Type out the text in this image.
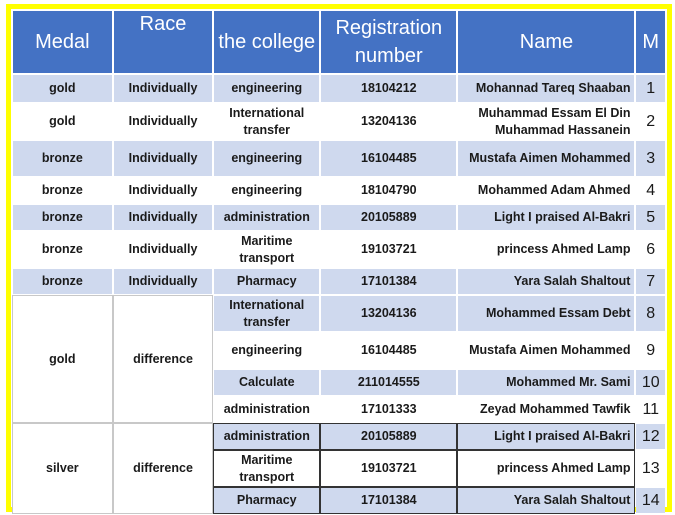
Medal	Race	the college	Registration number	Name	M
gold	Individually	engineering	18104212	Mohannad Tareq Shaaban	1
gold	Individually	International transfer	13204136	Muhammad Essam El Din Muhammad Hassanein	2
bronze	Individually	engineering	16104485	Mustafa Aimen Mohammed	3
bronze	Individually	engineering	18104790	Mohammed Adam Ahmed	4
bronze	Individually	administration	20105889	Light I praised Al-Bakri	5
bronze	Individually	Maritime transport	19103721	princess Ahmed Lamp	6
bronze	Individually	Pharmacy	17101384	Yara Salah Shaltout	7
gold	difference	International transfer	13204136	Mohammed Essam Debt	8
		engineering	16104485	Mustafa Aimen Mohammed	9
		Calculate	211014555	Mohammed Mr. Sami	10
		administration	17101333	Zeyad Mohammed Tawfik	11
silver	difference	administration	20105889	Light I praised Al-Bakri	12
		Maritime transport	19103721	princess Ahmed Lamp	13
		Pharmacy	17101384	Yara Salah Shaltout	14
